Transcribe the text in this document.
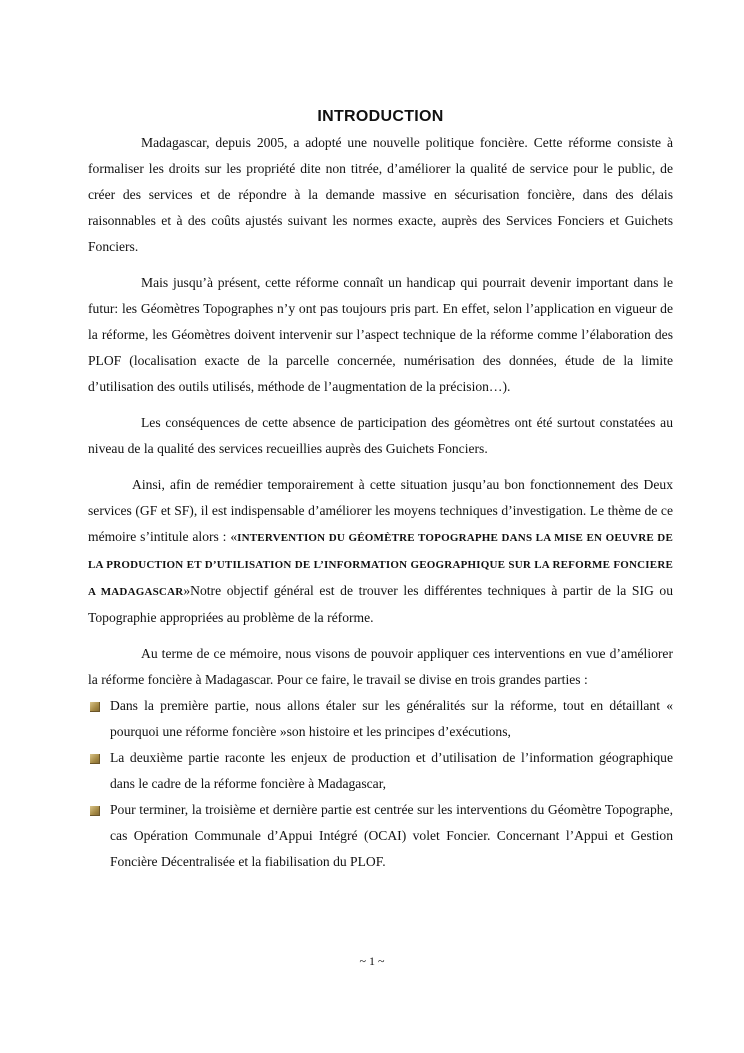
INTRODUCTION

Madagascar, depuis 2005, a adopté une nouvelle politique foncière. Cette réforme consiste à formaliser les droits sur les propriété dite non titrée, d’améliorer la qualité de service pour le public, de créer des services et de répondre à la demande massive en sécurisation foncière, dans des délais raisonnables et à des coûts ajustés suivant les normes exacte, auprès des Services Fonciers et Guichets Fonciers.

Mais jusqu’à présent, cette réforme connaît un handicap qui pourrait devenir important dans le futur: les Géomètres Topographes n’y ont pas toujours pris part. En effet, selon l’application en vigueur de la réforme, les Géomètres doivent intervenir sur l’aspect technique de la réforme comme l’élaboration des PLOF (localisation exacte de la parcelle concernée, numérisation des données, étude de la limite d’utilisation des outils utilisés, méthode de l’augmentation de la précision…).

Les conséquences de cette absence de participation des géomètres ont été surtout constatées au niveau de la qualité des services recueillies auprès des Guichets Fonciers.

Ainsi, afin de remédier temporairement à cette situation jusqu’au bon fonctionnement des Deux services (GF et SF), il est indispensable d’améliorer les moyens techniques d’investigation. Le thème de ce mémoire s’intitule alors : «INTERVENTION DU GÉOMÈTRE TOPOGRAPHE DANS LA MISE EN OEUVRE DE LA PRODUCTION ET D’UTILISATION DE L’INFORMATION GEOGRAPHIQUE SUR LA REFORME FONCIERE A MADAGASCAR»Notre objectif général est de trouver les différentes techniques à partir de la SIG ou Topographie appropriées au problème de la réforme.

Au terme de ce mémoire, nous visons de pouvoir appliquer ces interventions en vue d’améliorer la réforme foncière à Madagascar. Pour ce faire, le travail se divise en trois grandes parties :

Dans la première partie, nous allons étaler sur les généralités sur la réforme, tout en détaillant « pourquoi une réforme foncière »son histoire et les principes d’exécutions,
La deuxième partie raconte les enjeux de production et d’utilisation de l’information géographique dans le cadre de la réforme foncière à Madagascar,
Pour terminer, la troisième et dernière partie est centrée sur les interventions du Géomètre Topographe, cas Opération Communale d’Appui Intégré (OCAI) volet Foncier. Concernant l’Appui et Gestion Foncière Décentralisée et la fiabilisation du PLOF.
~ 1 ~
